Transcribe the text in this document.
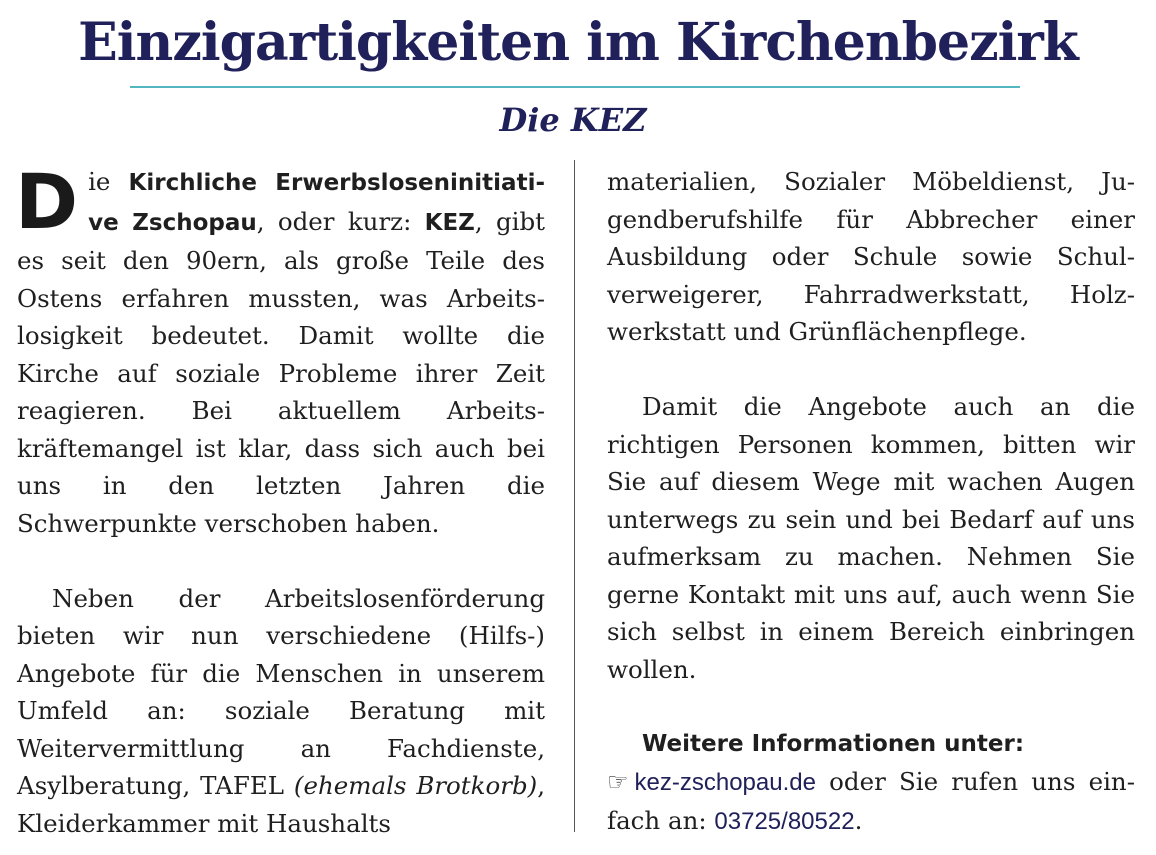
Einzigartigkeiten im Kirchenbezirk
Die KEZ

Die Kirchliche Erwerbsloseninitiative Zschopau, oder kurz: KEZ, gibt es seit den 90ern, als große Teile des Ostens erfahren mussten, was Arbeitslosigkeit bedeutet. Damit wollte die Kirche auf soziale Probleme ihrer Zeit reagieren. Bei aktuellem Arbeitskräftemangel ist klar, dass sich auch bei uns in den letzten Jahren die Schwerpunkte verschoben haben.

Neben der Arbeitslosenförderung bieten wir nun verschiedene (Hilfs-) Angebote für die Menschen in unserem Umfeld an: soziale Beratung mit Weitervermittlung an Fachdienste, Asylberatung, TAFEL (ehemals Brotkorb), Kleiderkammer mit Haushalts

materialien, Sozialer Möbeldienst, Jugendberufshilfe für Abbrecher einer Ausbildung oder Schule sowie Schulverweigerer, Fahrradwerkstatt, Holzwerkstatt und Grünflächenpflege.

Damit die Angebote auch an die richtigen Personen kommen, bitten wir Sie auf diesem Wege mit wachen Augen unterwegs zu sein und bei Bedarf auf uns aufmerksam zu machen. Nehmen Sie gerne Kontakt mit uns auf, auch wenn Sie sich selbst in einem Bereich einbringen wollen.

Weitere Informationen unter:
☞ kez-zschopau.de oder Sie rufen uns einfach an: 03725/80522.
